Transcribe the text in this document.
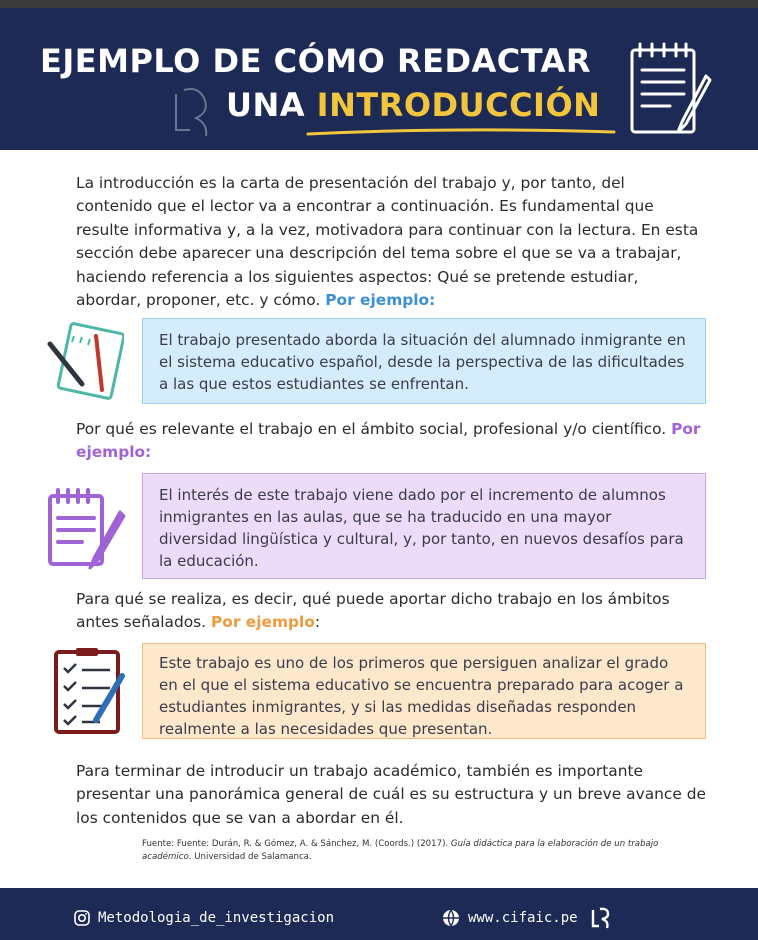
EJEMPLO DE CÓMO REDACTAR
UNA INTRODUCCIÓN

La introducción es la carta de presentación del trabajo y, por tanto, del contenido que el lector va a encontrar a continuación. Es fundamental que resulte informativa y, a la vez, motivadora para continuar con la lectura. En esta sección debe aparecer una descripción del tema sobre el que se va a trabajar, haciendo referencia a los siguientes aspectos: Qué se pretende estudiar, abordar, proponer, etc. y cómo. Por ejemplo:

El trabajo presentado aborda la situación del alumnado inmigrante en el sistema educativo español, desde la perspectiva de las dificultades a las que estos estudiantes se enfrentan.

Por qué es relevante el trabajo en el ámbito social, profesional y/o científico. Por ejemplo:

El interés de este trabajo viene dado por el incremento de alumnos inmigrantes en las aulas, que se ha traducido en una mayor diversidad lingüística y cultural, y, por tanto, en nuevos desafíos para la educación.

Para qué se realiza, es decir, qué puede aportar dicho trabajo en los ámbitos antes señalados. Por ejemplo:

Este trabajo es uno de los primeros que persiguen analizar el grado en el que el sistema educativo se encuentra preparado para acoger a estudiantes inmigrantes, y si las medidas diseñadas responden realmente a las necesidades que presentan.

Para terminar de introducir un trabajo académico, también es importante presentar una panorámica general de cuál es su estructura y un breve avance de los contenidos que se van a abordar en él.

Fuente: Fuente: Durán, R. & Gómez, A. & Sánchez, M. (Coords.) (2017). Guía didáctica para la elaboración de un trabajo académico. Universidad de Salamanca.

Metodologia_de_investigacion	www.cifaic.pe
